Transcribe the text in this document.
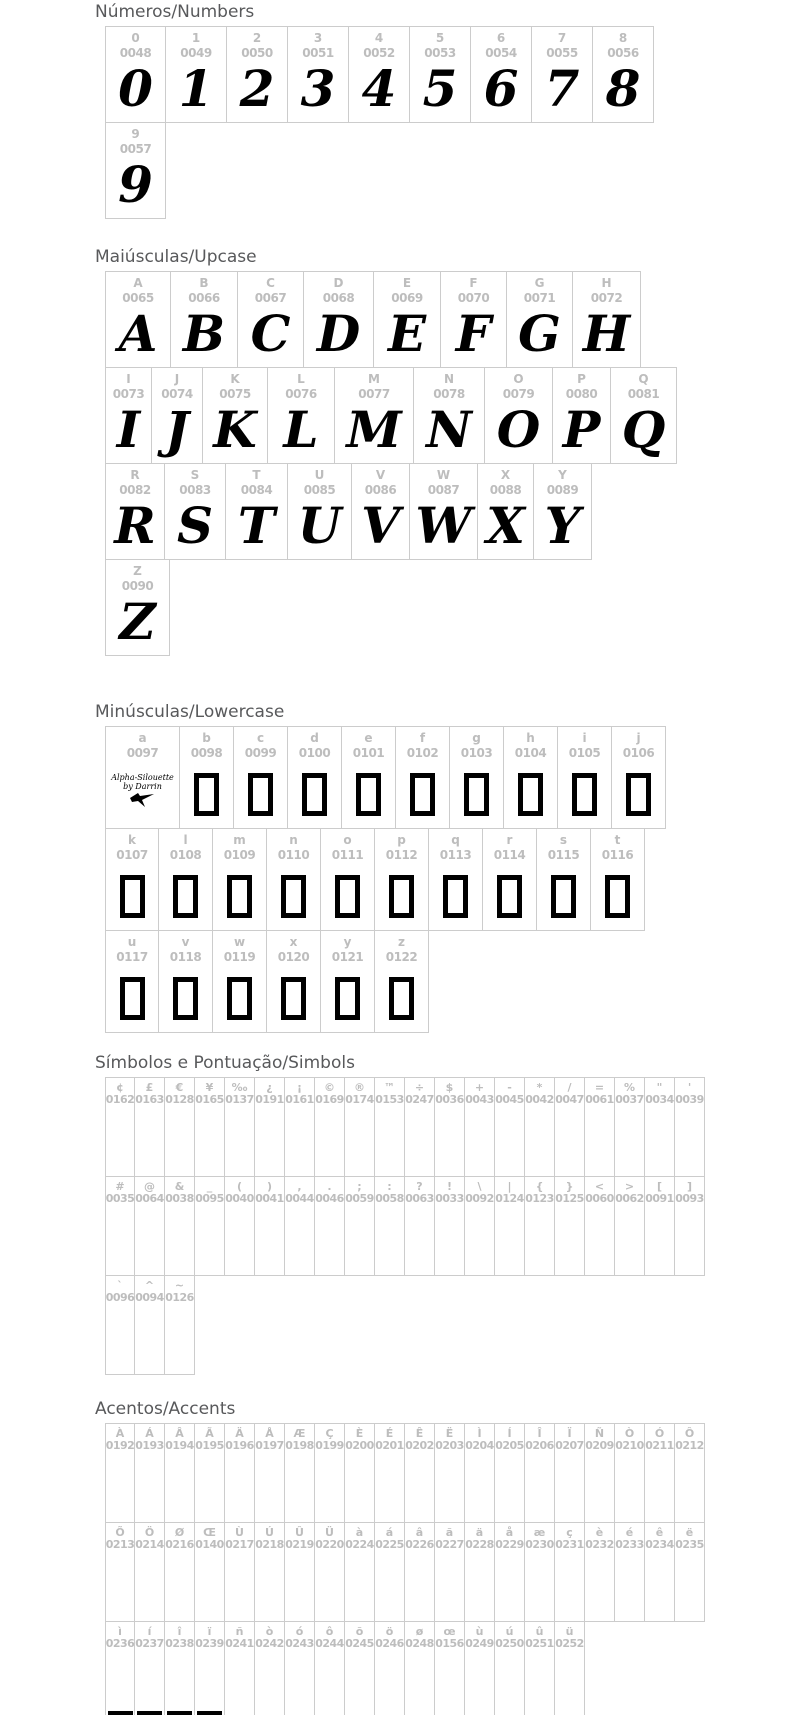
Números/Numbers
0
0048
0
1
0049
1
2
0050
2
3
0051
3
4
0052
4
5
0053
5
6
0054
6
7
0055
7
8
0056
8
9
0057
9
Maiúsculas/Upcase
A
0065
A
B
0066
B
C
0067
C
D
0068
D
E
0069
E
F
0070
F
G
0071
G
H
0072
H
I
0073
I
J
0074
J
K
0075
K
L
0076
L
M
0077
M
N
0078
N
O
0079
O
P
0080
P
Q
0081
Q
R
0082
R
S
0083
S
T
0084
T
U
0085
U
V
0086
V
W
0087
W
X
0088
X
Y
0089
Y
Z
0090
Z
Minúsculas/Lowercase
a
0097
Alpha-Silouette
by Darrin
b
0098
c
0099
d
0100
e
0101
f
0102
g
0103
h
0104
i
0105
j
0106
k
0107
l
0108
m
0109
n
0110
o
0111
p
0112
q
0113
r
0114
s
0115
t
0116
u
0117
v
0118
w
0119
x
0120
y
0121
z
0122
Símbolos e Pontuação/Simbols
¢
0162
£
0163
€
0128
¥
0165
‰
0137
¿
0191
¡
0161
©
0169
®
0174
™
0153
÷
0247
$
0036
+
0043
-
0045
*
0042
/
0047
=
0061
%
0037
"
0034
'
0039
#
0035
@
0064
&
0038
_
0095
(
0040
)
0041
,
0044
.
0046
;
0059
:
0058
?
0063
!
0033
\
0092
|
0124
{
0123
}
0125
<
0060
>
0062
[
0091
]
0093
`
0096
^
0094
~
0126
Acentos/Accents
À
0192
Á
0193
Â
0194
Ã
0195
Ä
0196
Å
0197
Æ
0198
Ç
0199
È
0200
É
0201
Ê
0202
Ë
0203
Ì
0204
Í
0205
Î
0206
Ï
0207
Ñ
0209
Ò
0210
Ó
0211
Ô
0212
Õ
0213
Ö
0214
Ø
0216
Œ
0140
Ù
0217
Ú
0218
Û
0219
Ü
0220
à
0224
á
0225
â
0226
ã
0227
ä
0228
å
0229
æ
0230
ç
0231
è
0232
é
0233
ê
0234
ë
0235
ì
0236
í
0237
î
0238
ï
0239
ñ
0241
ò
0242
ó
0243
ô
0244
õ
0245
ö
0246
ø
0248
œ
0156
ù
0249
ú
0250
û
0251
ü
0252
